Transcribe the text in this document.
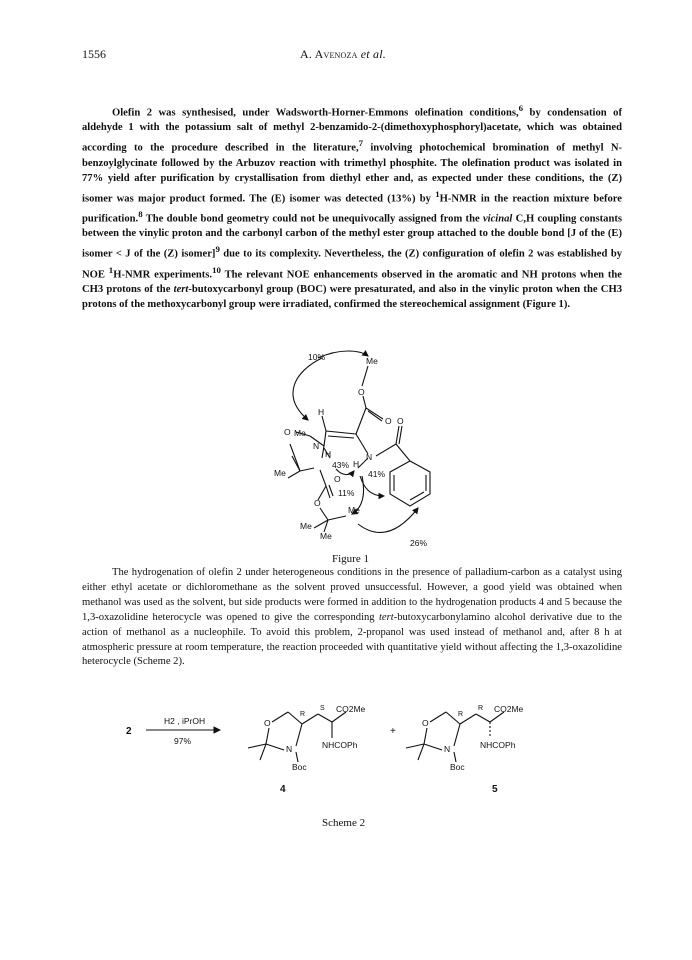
1556	A. Avenoza et al.

Olefin 2 was synthesised, under Wadsworth-Horner-Emmons olefination conditions,$^6$ by condensation of aldehyde 1 with the potassium salt of methyl 2-benzamido-2-(dimethoxyphosphoryl)acetate, which was obtained according to the procedure described in the literature,$^7$ involving photochemical bromination of methyl N-benzoylglycinate followed by the Arbuzov reaction with trimethyl phosphite. The olefination product was isolated in 77% yield after purification by crystallisation from diethyl ether and, as expected under these conditions, the (Z) isomer was major product formed. The (E) isomer was detected (13%) by $^1$H-NMR in the reaction mixture before purification.$^8$ The double bond geometry could not be unequivocally assigned from the vicinal C,H coupling constants between the vinylic proton and the carbonyl carbon of the methyl ester group attached to the double bond [J of the (E) isomer < J of the (Z) isomer]$^9$ due to its complexity. Nevertheless, the (Z) configuration of olefin 2 was established by NOE $^1$H-NMR experiments.$^{10}$ The relevant NOE enhancements observed in the aromatic and NH protons when the CH3 protons of the tert-butoxycarbonyl group (BOC) were presaturated, and also in the vinylic proton when the CH3 protons of the methoxycarbonyl group were irradiated, confirmed the stereochemical assignment (Figure 1).

10%	Me
O
O
H
O
O Me
N
H	N
H
Me
43%
41%
O
11%
O
Me
Me
Me
26%
Figure 1

The hydrogenation of olefin 2 under heterogeneous conditions in the presence of palladium-carbon as a catalyst using either ethyl acetate or dichloromethane as the solvent proved unsuccessful. However, a good yield was obtained when methanol was used as the solvent, but side products were formed in addition to the hydrogenation products 4 and 5 because the 1,3-oxazolidine heterocycle was opened to give the corresponding tert-butoxycarbonylamino alcohol derivative due to the action of methanol as a nucleophile. To avoid this problem, 2-propanol was used instead of methanol and, after 8 h at atmospheric pressure at room temperature, the reaction proceeded with quantitative yield without affecting the 1,3-oxazolidine heterocycle (Scheme 2).

2
H2 , iPrOH
97%
+
O
R
S CO2Me
N
Boc
NHCOPh
4
O
R
R CO2Me
N
Boc
NHCOPh
5
Scheme 2
